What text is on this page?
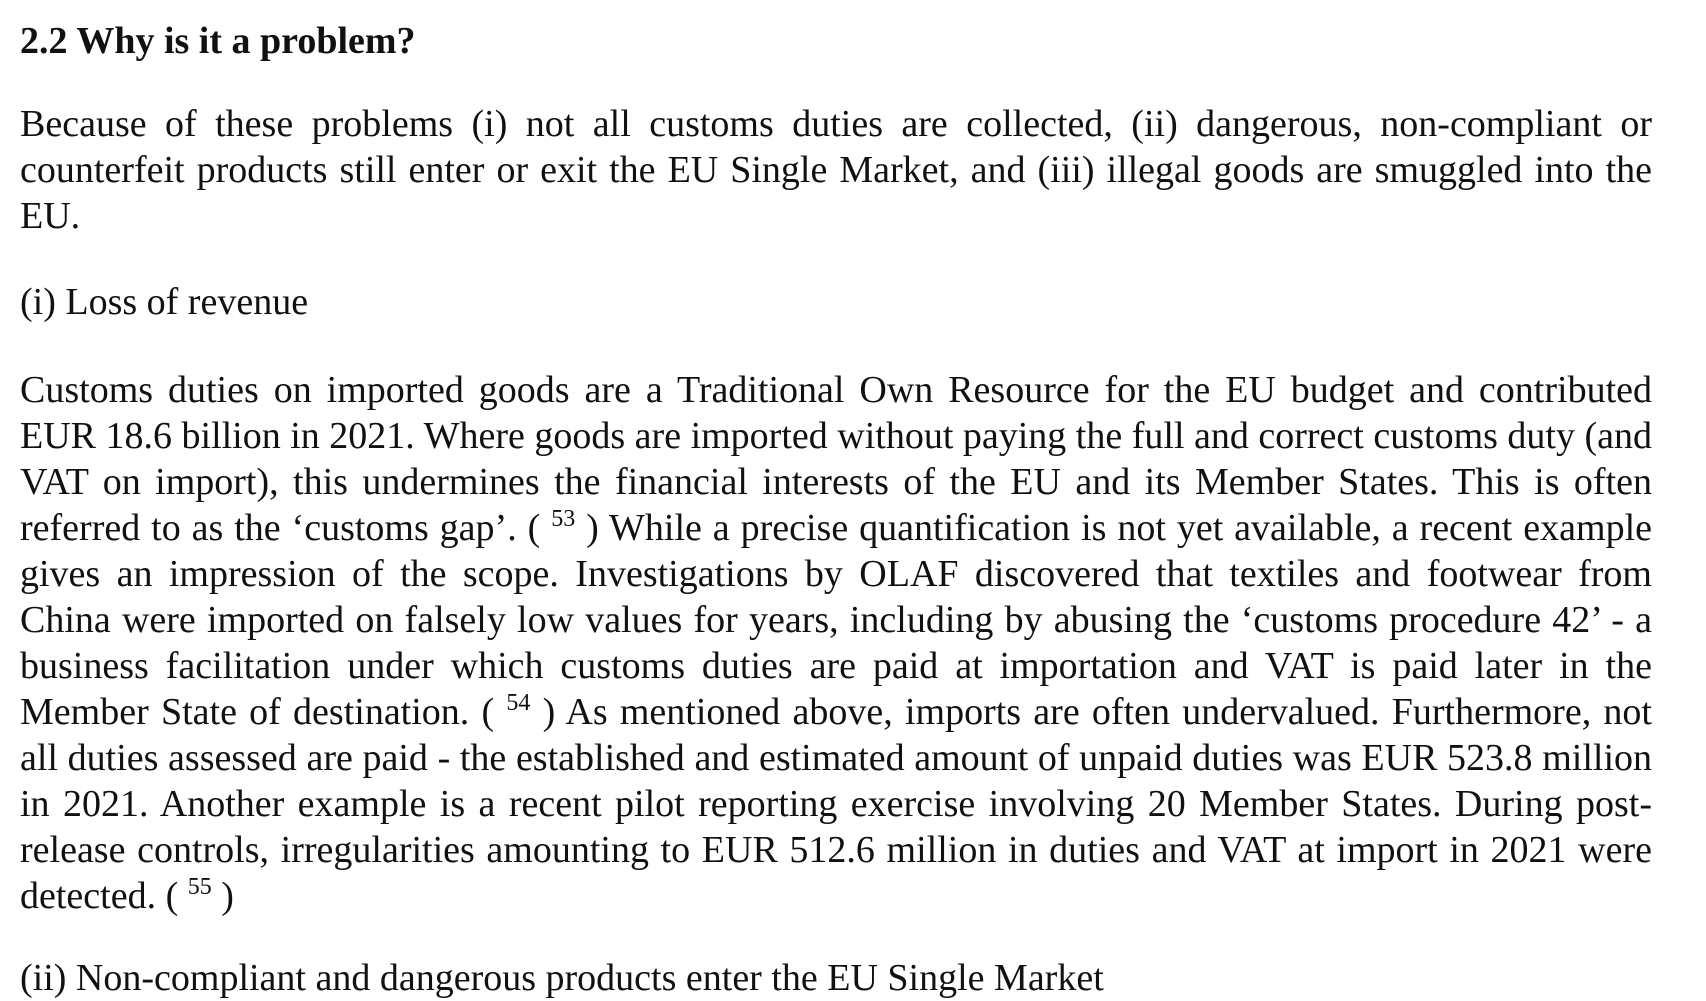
2.2 Why is it a problem?

Because of these problems (i) not all customs duties are collected, (ii) dangerous, non-compliant or counterfeit products still enter or exit the EU Single Market, and (iii) illegal goods are smuggled into the EU.

(i) Loss of revenue

Customs duties on imported goods are a Traditional Own Resource for the EU budget and contributed EUR 18.6 billion in 2021. Where goods are imported without paying the full and correct customs duty (and VAT on import), this undermines the financial interests of the EU and its Member States. This is often referred to as the ‘customs gap’. ( $^{53}$ ) While a precise quantification is not yet available, a recent example gives an impression of the scope. Investigations by OLAF discovered that textiles and footwear from China were imported on falsely low values for years, including by abusing the ‘customs procedure 42’ - a business facilitation under which customs duties are paid at importation and VAT is paid later in the Member State of destination. ( $^{54}$ ) As mentioned above, imports are often undervalued. Furthermore, not all duties assessed are paid - the established and estimated amount of unpaid duties was EUR 523.8 million in 2021. Another example is a recent pilot reporting exercise involving 20 Member States. During post-release controls, irregularities amounting to EUR 512.6 million in duties and VAT at import in 2021 were detected. ( $^{55}$ )

(ii) Non-compliant and dangerous products enter the EU Single Market
